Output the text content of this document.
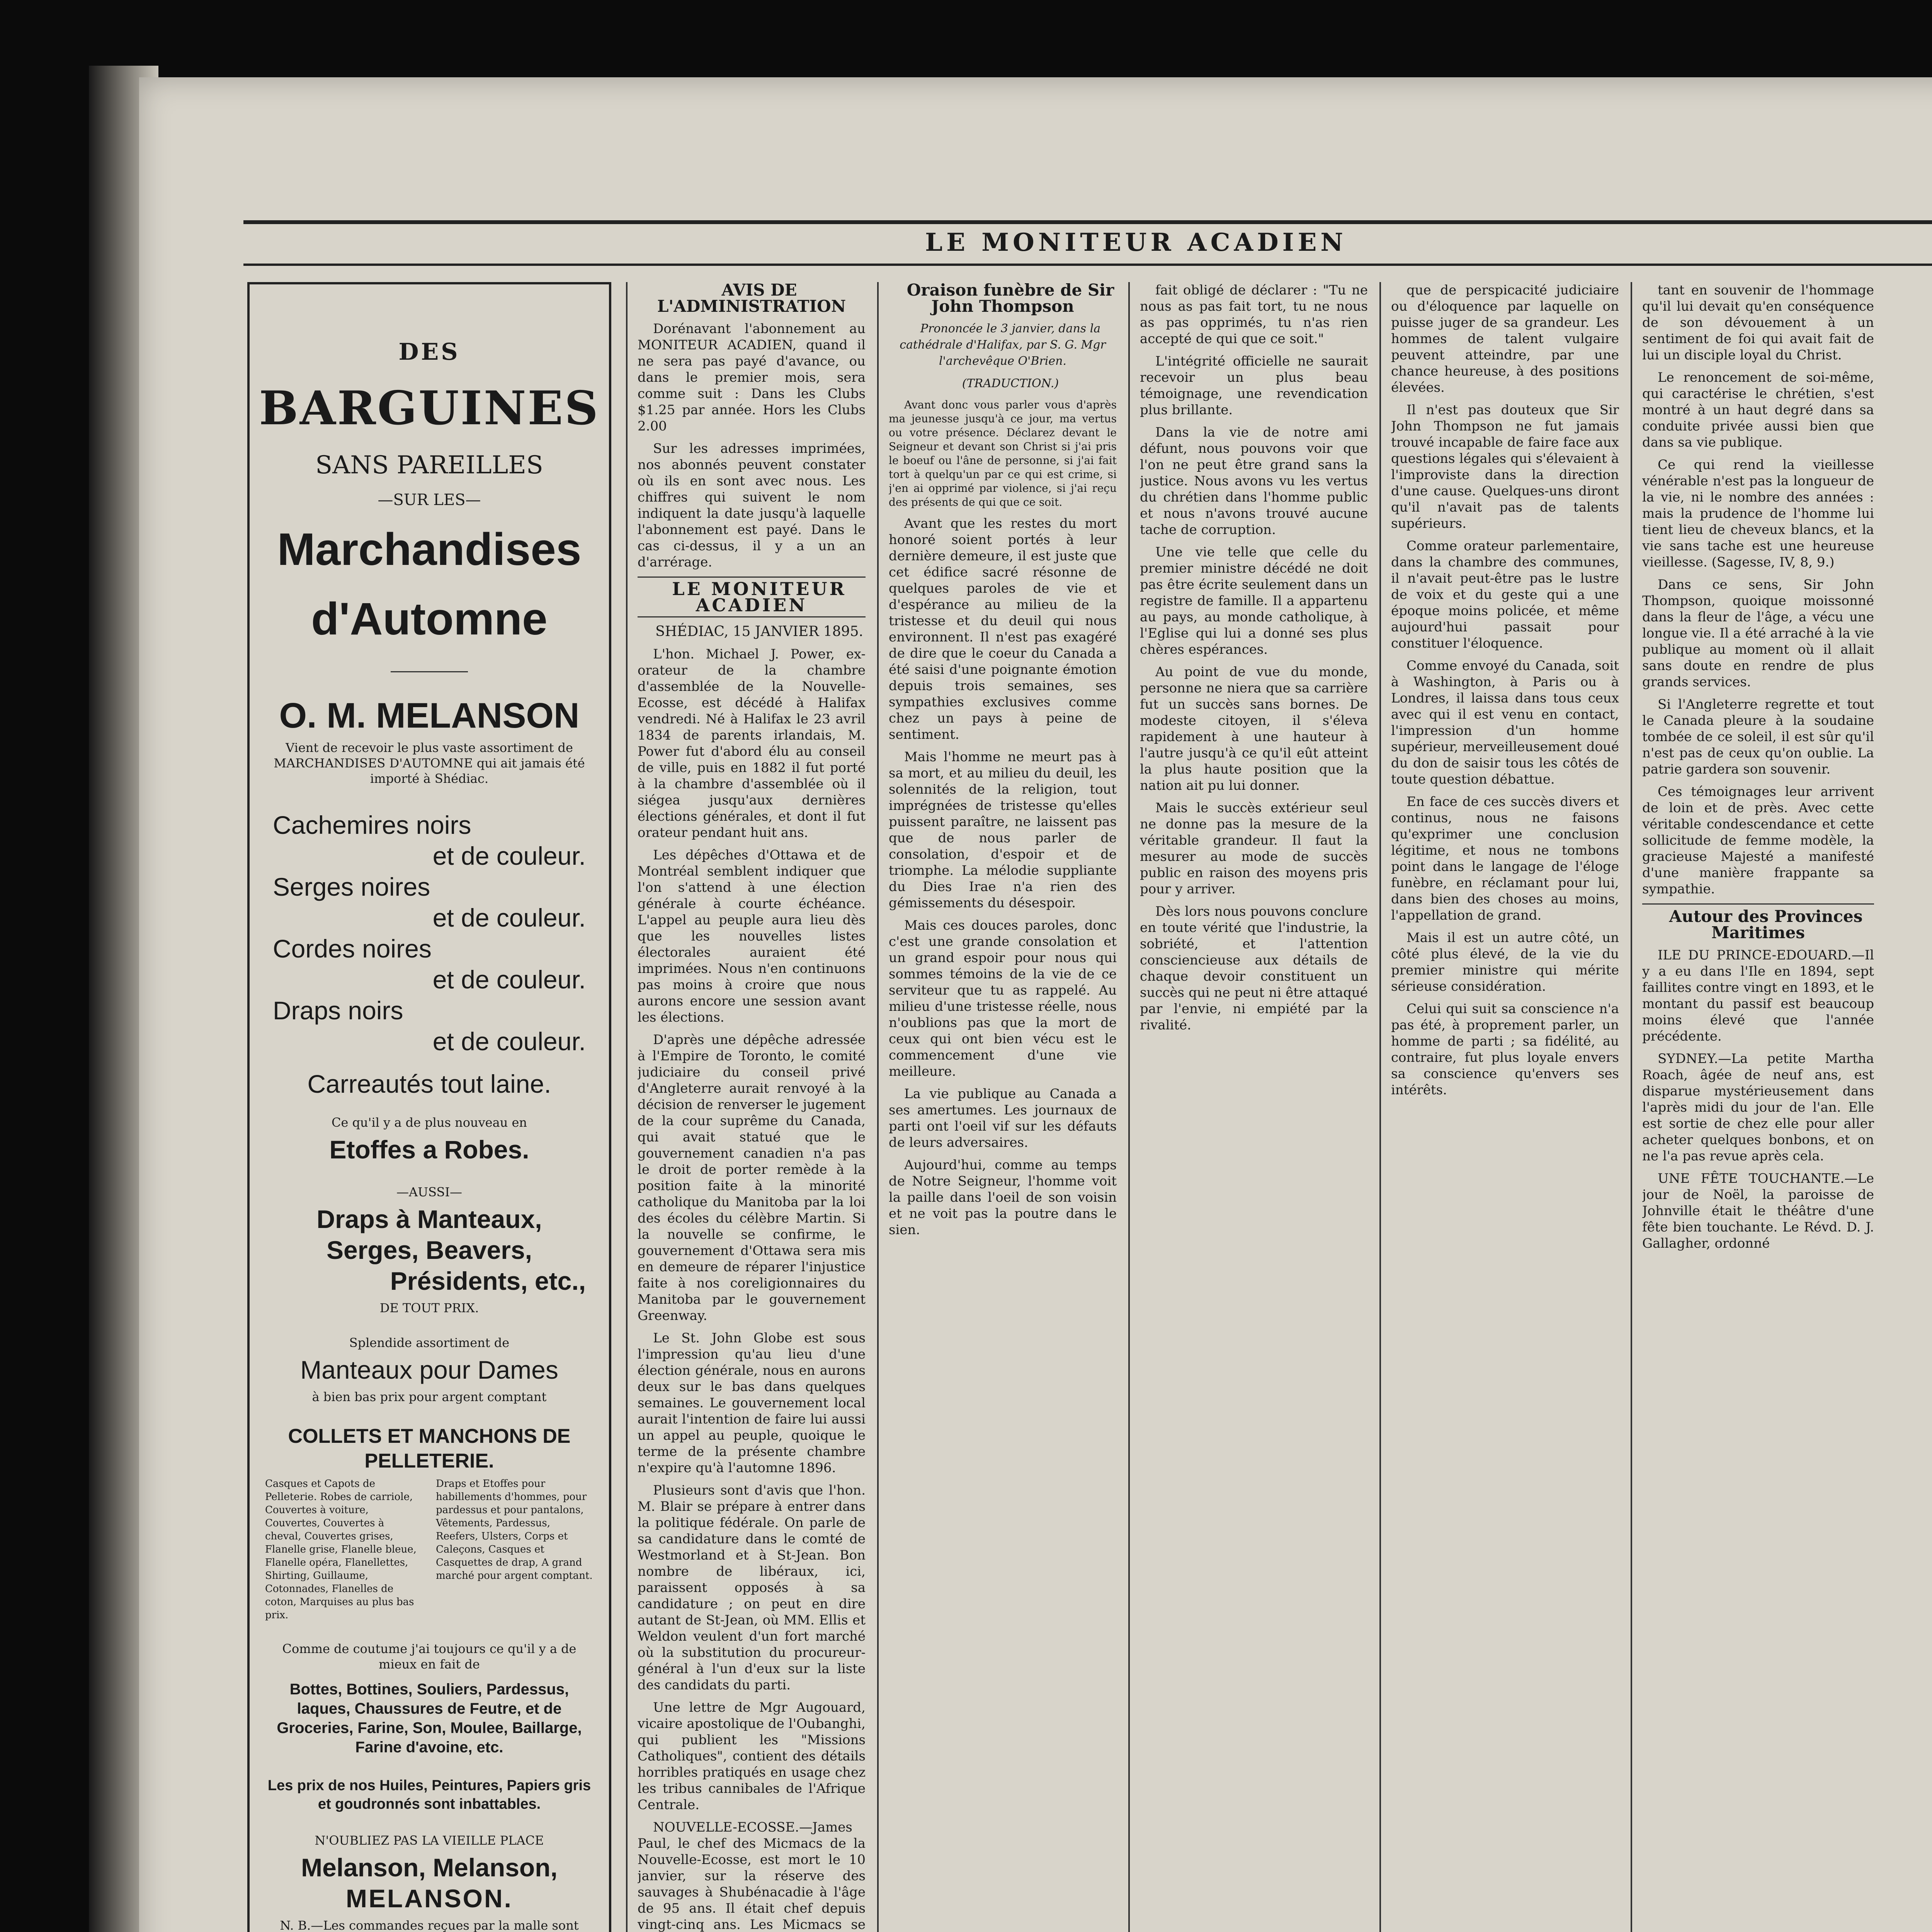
LE MONITEUR ACADIEN
DES
BARGUINES
SANS PAREILLES
—SUR LES—
Marchandises
d'Automne
O. M. MELANSON
Vient de recevoir le plus vaste assortiment de MARCHANDISES D'AUTOMNE qui ait jamais été importé à Shédiac.
Cachemires noirs
et de couleur.
Serges noires
et de couleur.
Cordes noires
et de couleur.
Draps noirs
et de couleur.
Carreautés tout laine.
Ce qu'il y a de plus nouveau en
Etoffes a Robes.
—AUSSI—
Draps à Manteaux,
Serges, Beavers,
Présidents, etc.,
DE TOUT PRIX.
Splendide assortiment de
Manteaux pour Dames
à bien bas prix pour argent comptant
COLLETS ET MANCHONS DE PELLETERIE.
Casques et Capots de Pelleterie. Robes de carriole, Couvertes à voiture, Couvertes, Couvertes à cheval, Couvertes grises, Flanelle grise, Flanelle bleue, Flanelle opéra, Flanellettes, Shirting, Guillaume, Cotonnades, Flanelles de coton, Marquises au plus bas prix.
Draps et Etoffes pour habillements d'hommes, pour pardessus et pour pantalons, Vêtements, Pardessus, Reefers, Ulsters, Corps et Caleçons, Casques et Casquettes de drap, A grand marché pour argent comptant.
Comme de coutume j'ai toujours ce qu'il y a de mieux en fait de
Bottes, Bottines, Souliers, Pardessus, laques, Chaussures de Feutre, et de Groceries, Farine, Son, Moulee, Baillarge, Farine d'avoine, etc.
Les prix de nos Huiles, Peintures, Papiers gris et goudronnés sont inbattables.
N'OUBLIEZ PAS LA VIEILLE PLACE
Melanson, Melanson,
MELANSON.
N. B.—Les commandes reçues par la malle sont

AVIS DE L'ADMINISTRATION

Dorénavant l'abonnement au MONITEUR ACADIEN, quand il ne sera pas payé d'avance, ou dans le premier mois, sera comme suit : Dans les Clubs $1.25 par année. Hors les Clubs 2.00

Sur les adresses imprimées, nos abonnés peuvent constater où ils en sont avec nous. Les chiffres qui suivent le nom indiquent la date jusqu'à laquelle l'abonnement est payé. Dans le cas ci-dessus, il y a un an d'arrérage.

LE MONITEUR ACADIEN

SHÉDIAC, 15 JANVIER 1895.

L'hon. Michael J. Power, ex-orateur de la chambre d'assemblée de la Nouvelle-Ecosse, est décédé à Halifax vendredi. Né à Halifax le 23 avril 1834 de parents irlandais, M. Power fut d'abord élu au conseil de ville, puis en 1882 il fut porté à la chambre d'assemblée où il siégea jusqu'aux dernières élections générales, et dont il fut orateur pendant huit ans.

Les dépêches d'Ottawa et de Montréal semblent indiquer que l'on s'attend à une élection générale à courte échéance. L'appel au peuple aura lieu dès que les nouvelles listes électorales auraient été imprimées. Nous n'en continuons pas moins à croire que nous aurons encore une session avant les élections.

D'après une dépêche adressée à l'Empire de Toronto, le comité judiciaire du conseil privé d'Angleterre aurait renvoyé à la décision de renverser le jugement de la cour suprême du Canada, qui avait statué que le gouvernement canadien n'a pas le droit de porter remède à la position faite à la minorité catholique du Manitoba par la loi des écoles du célèbre Martin. Si la nouvelle se confirme, le gouvernement d'Ottawa sera mis en demeure de réparer l'injustice faite à nos coreligionnaires du Manitoba par le gouvernement Greenway.

Le St. John Globe est sous l'impression qu'au lieu d'une élection générale, nous en aurons deux sur le bas dans quelques semaines. Le gouvernement local aurait l'intention de faire lui aussi un appel au peuple, quoique le terme de la présente chambre n'expire qu'à l'automne 1896.

Plusieurs sont d'avis que l'hon. M. Blair se prépare à entrer dans la politique fédérale. On parle de sa candidature dans le comté de Westmorland et à St-Jean. Bon nombre de libéraux, ici, paraissent opposés à sa candidature ; on peut en dire autant de St-Jean, où MM. Ellis et Weldon veulent d'un fort marché où la substitution du procureur-général à l'un d'eux sur la liste des candidats du parti.

Une lettre de Mgr Augouard, vicaire apostolique de l'Oubanghi, qui publient les "Missions Catholiques", contient des détails horribles pratiqués en usage chez les tribus cannibales de l'Afrique Centrale.

NOUVELLE-ECOSSE.—James Paul, le chef des Micmacs de la Nouvelle-Ecosse, est mort le 10 janvier, sur la réserve des sauvages à Shubénacadie à l'âge de 95 ans. Il était chef depuis vingt-cinq ans. Les Micmacs se

Oraison funèbre de Sir John Thompson

Prononcée le 3 janvier, dans la cathédrale d'Halifax, par S. G. Mgr l'archevêque O'Brien.

(TRADUCTION.)

Avant donc vous parler vous d'après ma jeunesse jusqu'à ce jour, ma vertus ou votre présence. Déclarez devant le Seigneur et devant son Christ si j'ai pris le boeuf ou l'âne de personne, si j'ai fait tort à quelqu'un par ce qui est crime, si j'en ai opprimé par violence, si j'ai reçu des présents de qui que ce soit.

Avant que les restes du mort honoré soient portés à leur dernière demeure, il est juste que cet édifice sacré résonne de quelques paroles de vie et d'espérance au milieu de la tristesse et du deuil qui nous environnent. Il n'est pas exagéré de dire que le coeur du Canada a été saisi d'une poignante émotion depuis trois semaines, ses sympathies exclusives comme chez un pays à peine de sentiment.

Mais l'homme ne meurt pas à sa mort, et au milieu du deuil, les solennités de la religion, tout imprégnées de tristesse qu'elles puissent paraître, ne laissent pas que de nous parler de consolation, d'espoir et de triomphe. La mélodie suppliante du Dies Irae n'a rien des gémissements du désespoir.

Mais ces douces paroles, donc c'est une grande consolation et un grand espoir pour nous qui sommes témoins de la vie de ce serviteur que tu as rappelé. Au milieu d'une tristesse réelle, nous n'oublions pas que la mort de ceux qui ont bien vécu est le commencement d'une vie meilleure.

La vie publique au Canada a ses amertumes. Les journaux de parti ont l'oeil vif sur les défauts de leurs adversaires.

Aujourd'hui, comme au temps de Notre Seigneur, l'homme voit la paille dans l'oeil de son voisin et ne voit pas la poutre dans le sien.

fait obligé de déclarer : "Tu ne nous as pas fait tort, tu ne nous as pas opprimés, tu n'as rien accepté de qui que ce soit."

L'intégrité officielle ne saurait recevoir un plus beau témoignage, une revendication plus brillante.

Dans la vie de notre ami défunt, nous pouvons voir que l'on ne peut être grand sans la justice. Nous avons vu les vertus du chrétien dans l'homme public et nous n'avons trouvé aucune tache de corruption.

Une vie telle que celle du premier ministre décédé ne doit pas être écrite seulement dans un registre de famille. Il a appartenu au pays, au monde catholique, à l'Eglise qui lui a donné ses plus chères espérances.

Au point de vue du monde, personne ne niera que sa carrière fut un succès sans bornes. De modeste citoyen, il s'éleva rapidement à une hauteur à l'autre jusqu'à ce qu'il eût atteint la plus haute position que la nation ait pu lui donner.

Mais le succès extérieur seul ne donne pas la mesure de la véritable grandeur. Il faut la mesurer au mode de succès public en raison des moyens pris pour y arriver.

Dès lors nous pouvons conclure en toute vérité que l'industrie, la sobriété, et l'attention consciencieuse aux détails de chaque devoir constituent un succès qui ne peut ni être attaqué par l'envie, ni empiété par la rivalité.

que de perspicacité judiciaire ou d'éloquence par laquelle on puisse juger de sa grandeur. Les hommes de talent vulgaire peuvent atteindre, par une chance heureuse, à des positions élevées.

Il n'est pas douteux que Sir John Thompson ne fut jamais trouvé incapable de faire face aux questions légales qui s'élevaient à l'improviste dans la direction d'une cause. Quelques-uns diront qu'il n'avait pas de talents supérieurs.

Comme orateur parlementaire, dans la chambre des communes, il n'avait peut-être pas le lustre de voix et du geste qui a une époque moins policée, et même aujourd'hui passait pour constituer l'éloquence.

Comme envoyé du Canada, soit à Washington, à Paris ou à Londres, il laissa dans tous ceux avec qui il est venu en contact, l'impression d'un homme supérieur, merveilleusement doué du don de saisir tous les côtés de toute question débattue.

En face de ces succès divers et continus, nous ne faisons qu'exprimer une conclusion légitime, et nous ne tombons point dans le langage de l'éloge funèbre, en réclamant pour lui, dans bien des choses au moins, l'appellation de grand.

Mais il est un autre côté, un côté plus élevé, de la vie du premier ministre qui mérite sérieuse considération.

Celui qui suit sa conscience n'a pas été, à proprement parler, un homme de parti ; sa fidélité, au contraire, fut plus loyale envers sa conscience qu'envers ses intérêts.

tant en souvenir de l'hommage qu'il lui devait qu'en conséquence de son dévouement à un sentiment de foi qui avait fait de lui un disciple loyal du Christ.

Le renoncement de soi-même, qui caractérise le chrétien, s'est montré à un haut degré dans sa conduite privée aussi bien que dans sa vie publique.

Ce qui rend la vieillesse vénérable n'est pas la longueur de la vie, ni le nombre des années : mais la prudence de l'homme lui tient lieu de cheveux blancs, et la vie sans tache est une heureuse vieillesse. (Sagesse, IV, 8, 9.)

Dans ce sens, Sir John Thompson, quoique moissonné dans la fleur de l'âge, a vécu une longue vie. Il a été arraché à la vie publique au moment où il allait sans doute en rendre de plus grands services.

Si l'Angleterre regrette et tout le Canada pleure à la soudaine tombée de ce soleil, il est sûr qu'il n'est pas de ceux qu'on oublie. La patrie gardera son souvenir.

Ces témoignages leur arrivent de loin et de près. Avec cette véritable condescendance et cette sollicitude de femme modèle, la gracieuse Majesté a manifesté d'une manière frappante sa sympathie.

Autour des Provinces Maritimes

ILE DU PRINCE-EDOUARD.—Il y a eu dans l'Ile en 1894, sept faillites contre vingt en 1893, et le montant du passif est beaucoup moins élevé que l'année précédente.

SYDNEY.—La petite Martha Roach, âgée de neuf ans, est disparue mystérieusement dans l'après midi du jour de l'an. Elle est sortie de chez elle pour aller acheter quelques bonbons, et on ne l'a pas revue après cela.

UNE FÊTE TOUCHANTE.—Le jour de Noël, la paroisse de Johnville était le théâtre d'une fête bien touchante. Le Révd. D. J. Gallagher, ordonné
